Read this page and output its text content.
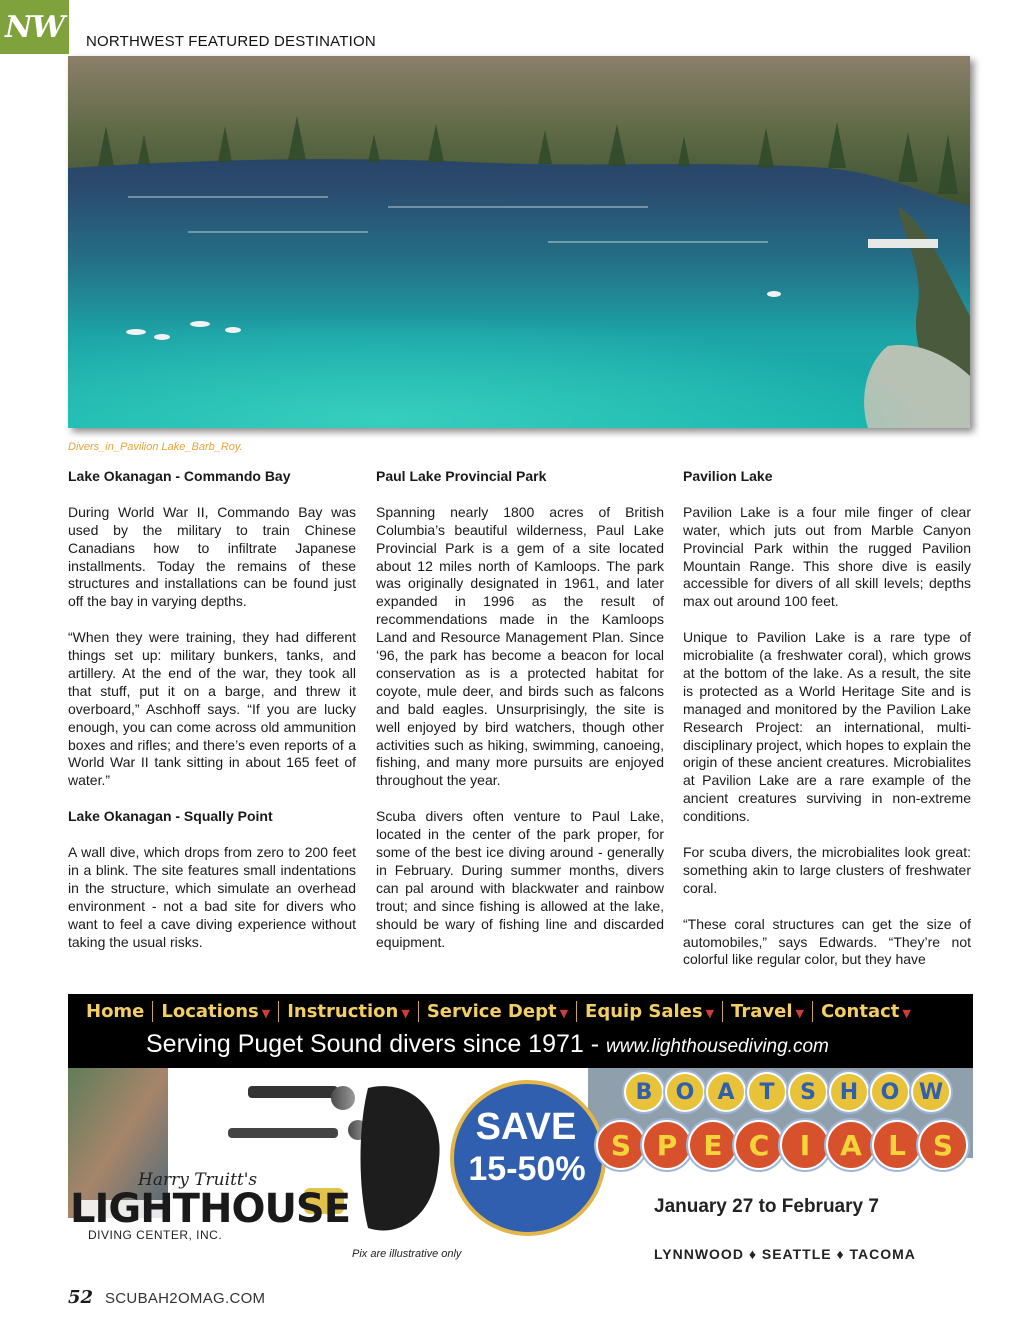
NW NORTHWEST FEATURED DESTINATION
Divers_in_Pavilion Lake_Barb_Roy.
Lake Okanagan - Commando Bay

During World War II, Commando Bay was used by the military to train Chinese Canadians how to infiltrate Japanese installments. Today the remains of these structures and installations can be found just off the bay in varying depths.

“When they were training, they had different things set up: military bunkers, tanks, and artillery. At the end of the war, they took all that stuff, put it on a barge, and threw it overboard,” Aschhoff says. “If you are lucky enough, you can come across old ammunition boxes and rifles; and there’s even reports of a World War II tank sitting in about 165 feet of water.”

Lake Okanagan - Squally Point

A wall dive, which drops from zero to 200 feet in a blink. The site features small indentations in the structure, which simulate an overhead environment - not a bad site for divers who want to feel a cave diving experience without taking the usual risks.

Paul Lake Provincial Park

Spanning nearly 1800 acres of British Columbia’s beautiful wilderness, Paul Lake Provincial Park is a gem of a site located about 12 miles north of Kamloops. The park was originally designated in 1961, and later expanded in 1996 as the result of recommendations made in the Kamloops Land and Resource Management Plan. Since ‘96, the park has become a beacon for local conservation as is a protected habitat for coyote, mule deer, and birds such as falcons and bald eagles. Unsurprisingly, the site is well enjoyed by bird watchers, though other activities such as hiking, swimming, canoeing, fishing, and many more pursuits are enjoyed throughout the year.

Scuba divers often venture to Paul Lake, located in the center of the park proper, for some of the best ice diving around - generally in February. During summer months, divers can pal around with blackwater and rainbow trout; and since fishing is allowed at the lake, should be wary of fishing line and discarded equipment.

Pavilion Lake

Pavilion Lake is a four mile finger of clear water, which juts out from Marble Canyon Provincial Park within the rugged Pavilion Mountain Range. This shore dive is easily accessible for divers of all skill levels; depths max out around 100 feet.

Unique to Pavilion Lake is a rare type of microbialite (a freshwater coral), which grows at the bottom of the lake. As a result, the site is protected as a World Heritage Site and is managed and monitored by the Pavilion Lake Research Project: an international, multi-disciplinary project, which hopes to explain the origin of these ancient creatures. Microbialites at Pavilion Lake are a rare example of the ancient creatures surviving in non-extreme conditions.

For scuba divers, the microbialites look great: something akin to large clusters of freshwater coral.

“These coral structures can get the size of automobiles,” says Edwards. “They’re not colorful like regular color, but they have

Home Locations ▼ Instruction ▼ Service Dept ▼ Equip Sales ▼ Travel ▼ Contact ▼
Serving Puget Sound divers since 1971 - www.lighthousediving.com
SAVE
15-50%
B	O	A	T	S	H	O W
S P E C	I	A L S
January 27 to February 7
LYNNWOOD ♦ SEATTLE ♦ TACOMA
Pix are illustrative only
Harry Truitt's
LIGHTHOUSE
DIVING CENTER, INC.
52 SCUBAH2OMAG.COM
